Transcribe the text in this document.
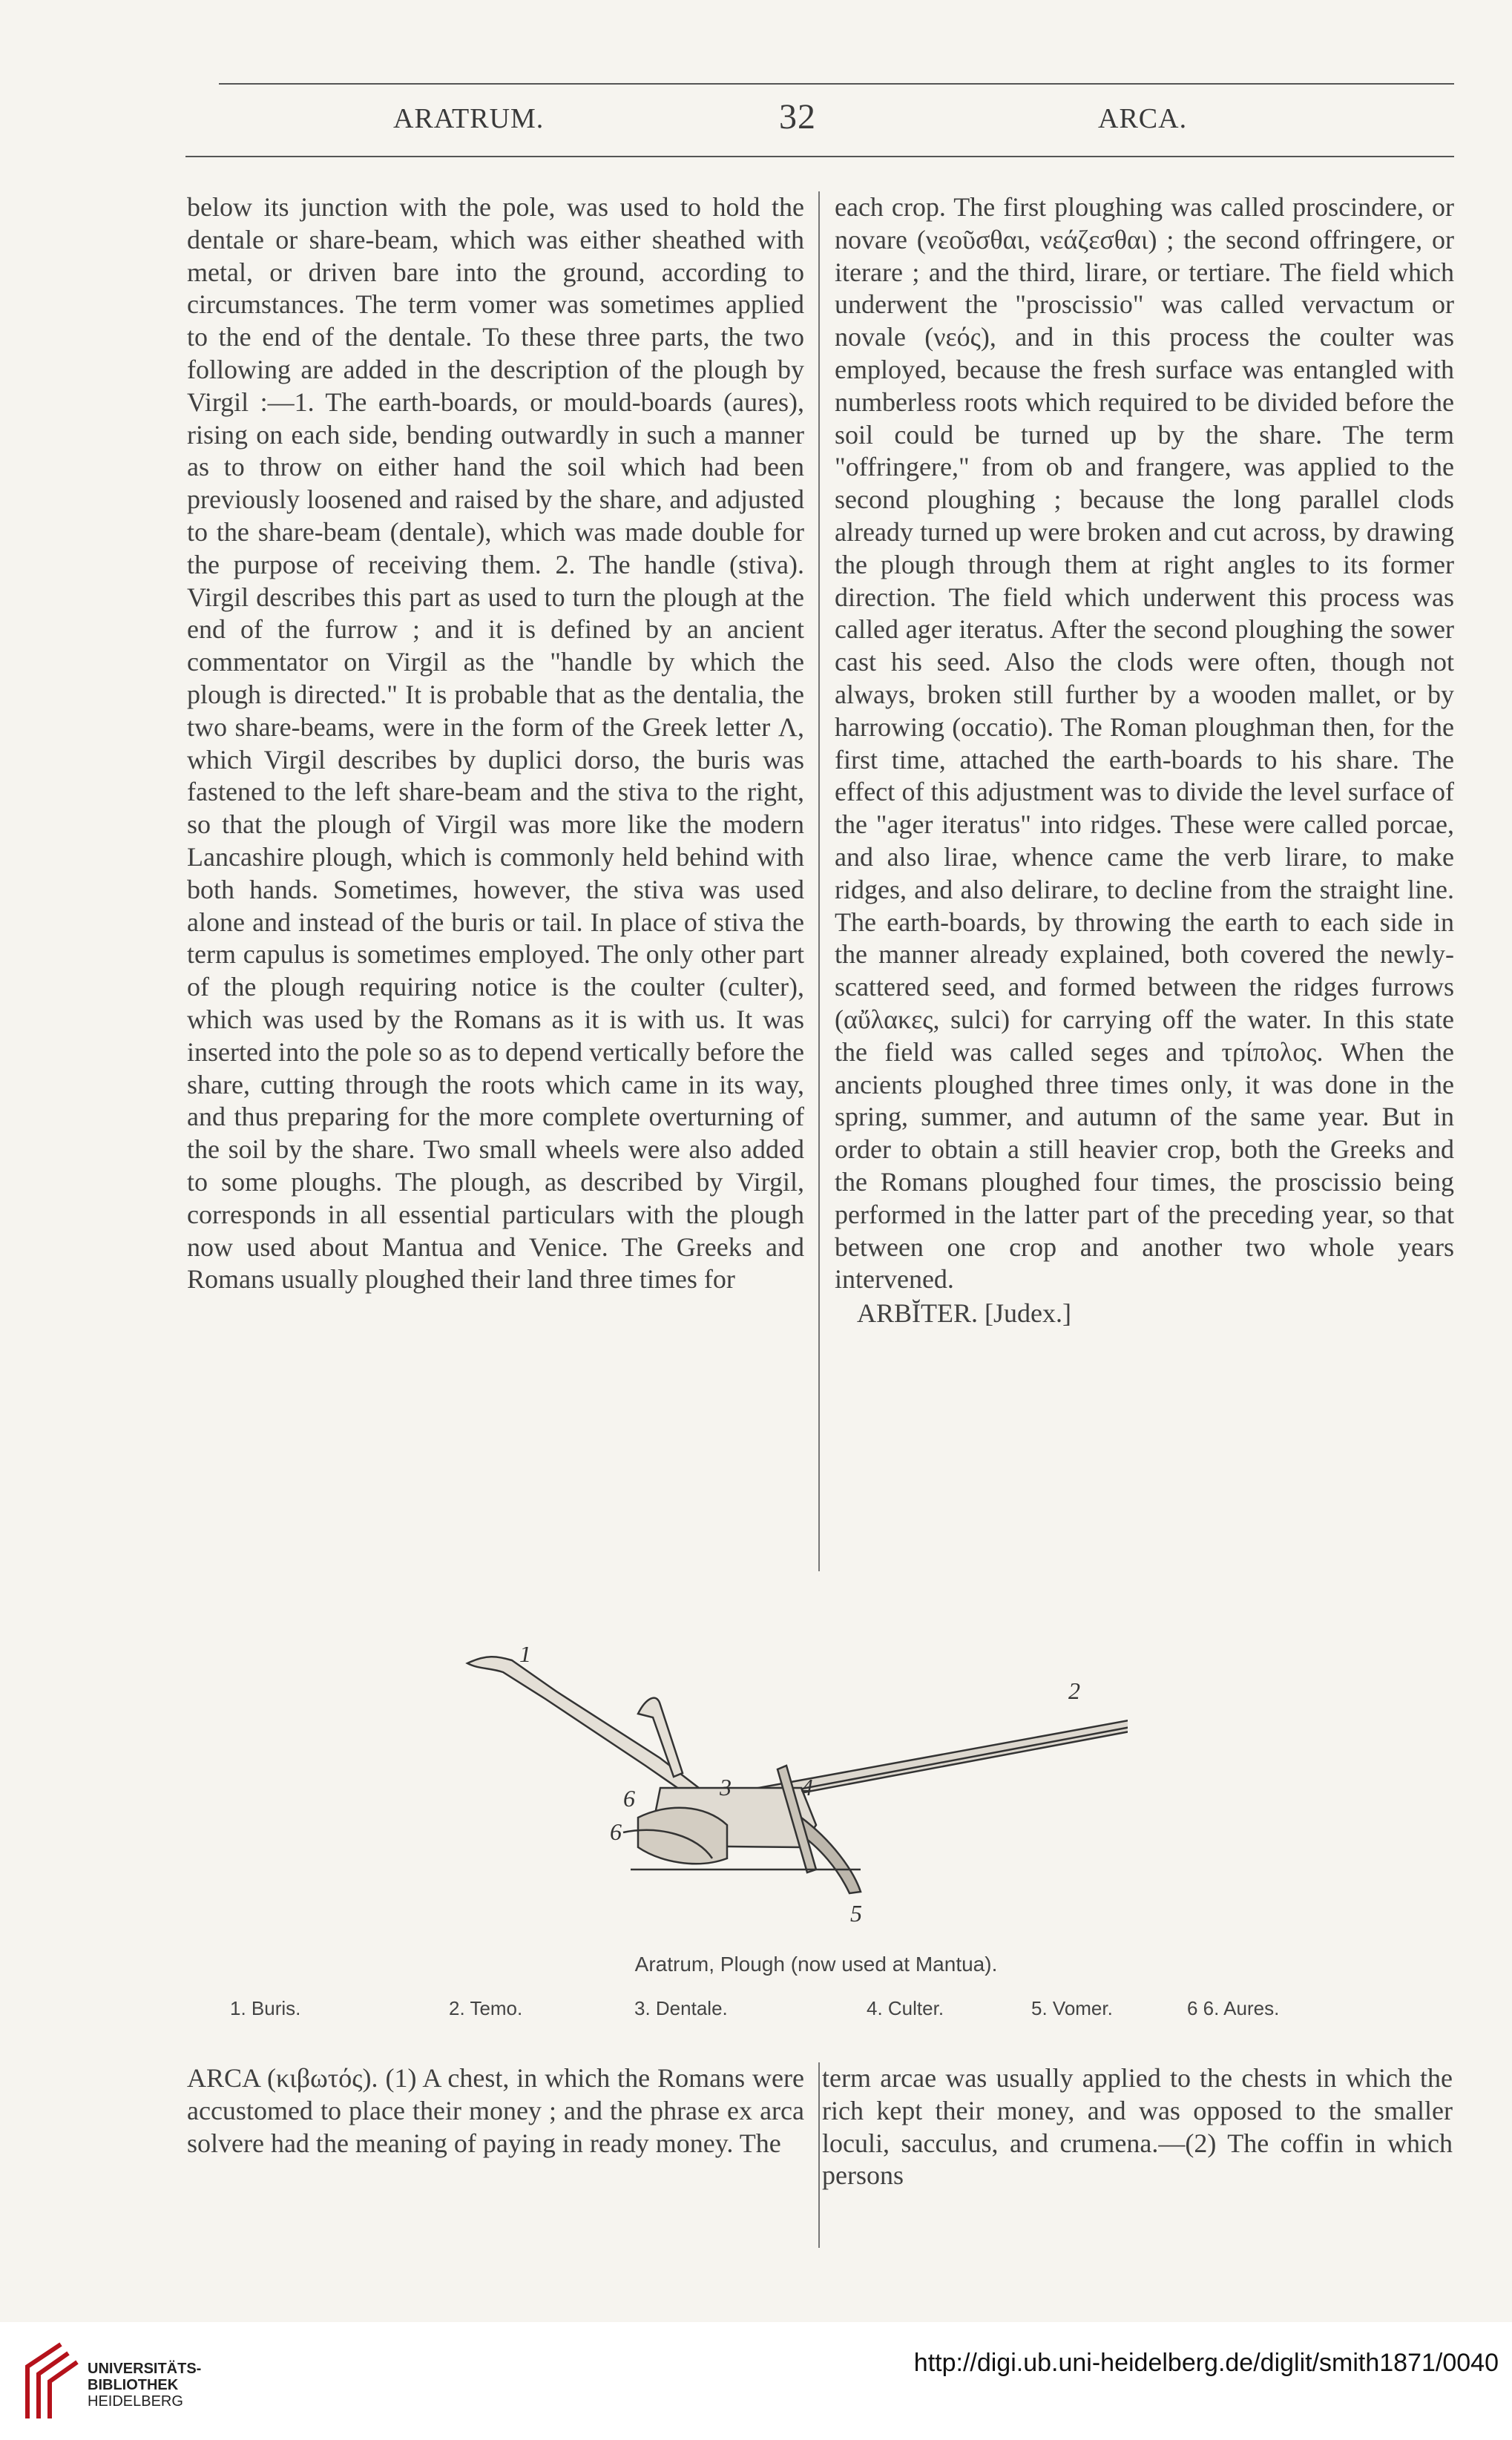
ARATRUM.	32	ARCA.

below its junction with the pole, was used to hold the dentale or share-beam, which was either sheathed with metal, or driven bare into the ground, according to circumstances. The term vomer was sometimes applied to the end of the dentale. To these three parts, the two following are added in the description of the plough by Virgil :—1. The earth-boards, or mould-boards (aures), rising on each side, bending outwardly in such a manner as to throw on either hand the soil which had been previously loosened and raised by the share, and adjusted to the share-beam (dentale), which was made double for the purpose of receiving them. 2. The handle (stiva). Virgil describes this part as used to turn the plough at the end of the furrow ; and it is defined by an ancient commentator on Virgil as the "handle by which the plough is directed." It is probable that as the dentalia, the two share-beams, were in the form of the Greek letter Λ, which Virgil describes by duplici dorso, the buris was fastened to the left share-beam and the stiva to the right, so that the plough of Virgil was more like the modern Lancashire plough, which is commonly held behind with both hands. Sometimes, however, the stiva was used alone and instead of the buris or tail. In place of stiva the term capulus is sometimes employed. The only other part of the plough requiring notice is the coulter (culter), which was used by the Romans as it is with us. It was inserted into the pole so as to depend vertically before the share, cutting through the roots which came in its way, and thus preparing for the more complete overturning of the soil by the share. Two small wheels were also added to some ploughs. The plough, as described by Virgil, corresponds in all essential particulars with the plough now used about Mantua and Venice. The Greeks and Romans usually ploughed their land three times for

each crop. The first ploughing was called proscindere, or novare (νεοῦσθαι, νεάζεσθαι) ; the second offringere, or iterare ; and the third, lirare, or tertiare. The field which underwent the "proscissio" was called vervactum or novale (νεός), and in this process the coulter was employed, because the fresh surface was entangled with numberless roots which required to be divided before the soil could be turned up by the share. The term "offringere," from ob and frangere, was applied to the second ploughing ; because the long parallel clods already turned up were broken and cut across, by drawing the plough through them at right angles to its former direction. The field which underwent this process was called ager iteratus. After the second ploughing the sower cast his seed. Also the clods were often, though not always, broken still further by a wooden mallet, or by harrowing (occatio). The Roman ploughman then, for the first time, attached the earth-boards to his share. The effect of this adjustment was to divide the level surface of the "ager iteratus" into ridges. These were called porcae, and also lirae, whence came the verb lirare, to make ridges, and also delirare, to decline from the straight line. The earth-boards, by throwing the earth to each side in the manner already explained, both covered the newly-scattered seed, and formed between the ridges furrows (αὔλακες, sulci) for carrying off the water. In this state the field was called seges and τρίπολος. When the ancients ploughed three times only, it was done in the spring, summer, and autumn of the same year. But in order to obtain a still heavier crop, both the Greeks and the Romans ploughed four times, the proscissio being performed in the latter part of the preceding year, so that between one crop and another two whole years intervened.

ARBĬTER. [Judex.]

1
2
3	4
5
6
6
Aratrum, Plough (now used at Mantua).
1. Buris.	2. Temo.	3. Dentale.	4. Culter.	5. Vomer.	6 6. Aures.

ARCA (κιβωτός). (1) A chest, in which the Romans were accustomed to place their money ; and the phrase ex arca solvere had the meaning of paying in ready money. The

term arcae was usually applied to the chests in which the rich kept their money, and was opposed to the smaller loculi, sacculus, and crumena.—(2) The coffin in which persons

UNIVERSITÄTS-
BIBLIOTHEK
HEIDELBERG
http://digi.ub.uni-heidelberg.de/diglit/smith1871/0040
